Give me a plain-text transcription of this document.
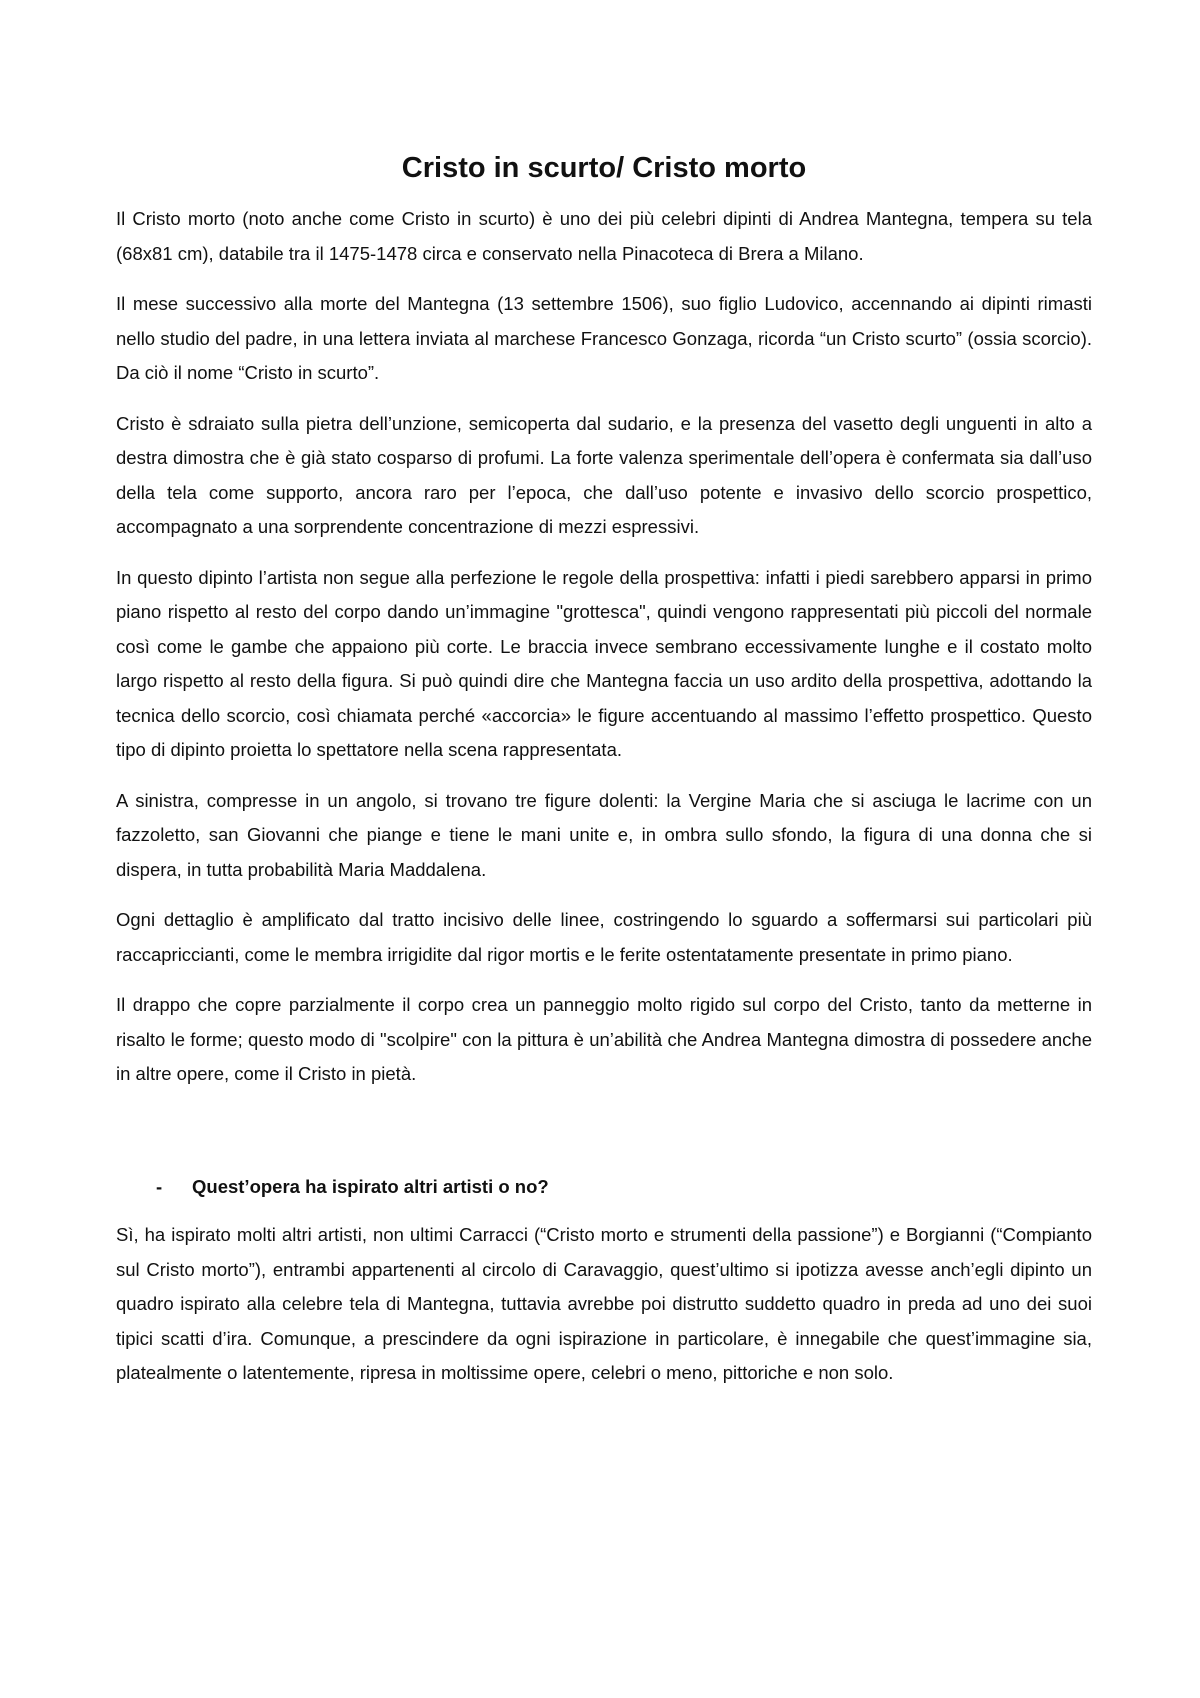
Cristo in scurto/ Cristo morto

Il Cristo morto (noto anche come Cristo in scurto) è uno dei più celebri dipinti di Andrea Mantegna, tempera su tela (68x81 cm), databile tra il 1475-1478 circa e conservato nella Pinacoteca di Brera a Milano.

Il mese successivo alla morte del Mantegna (13 settembre 1506), suo figlio Ludovico, accennando ai dipinti rimasti nello studio del padre, in una lettera inviata al marchese Francesco Gonzaga, ricorda “un Cristo scurto” (ossia scorcio). Da ciò il nome “Cristo in scurto”.

Cristo è sdraiato sulla pietra dell’unzione, semicoperta dal sudario, e la presenza del vasetto degli unguenti in alto a destra dimostra che è già stato cosparso di profumi. La forte valenza sperimentale dell’opera è confermata sia dall’uso della tela come supporto, ancora raro per l’epoca, che dall’uso potente e invasivo dello scorcio prospettico, accompagnato a una sorprendente concentrazione di mezzi espressivi.

In questo dipinto l’artista non segue alla perfezione le regole della prospettiva: infatti i piedi sarebbero apparsi in primo piano rispetto al resto del corpo dando un’immagine "grottesca", quindi vengono rappresentati più piccoli del normale così come le gambe che appaiono più corte. Le braccia invece sembrano eccessivamente lunghe e il costato molto largo rispetto al resto della figura. Si può quindi dire che Mantegna faccia un uso ardito della prospettiva, adottando la tecnica dello scorcio, così chiamata perché «accorcia» le figure accentuando al massimo l’effetto prospettico. Questo tipo di dipinto proietta lo spettatore nella scena rappresentata.

A sinistra, compresse in un angolo, si trovano tre figure dolenti: la Vergine Maria che si asciuga le lacrime con un fazzoletto, san Giovanni che piange e tiene le mani unite e, in ombra sullo sfondo, la figura di una donna che si dispera, in tutta probabilità Maria Maddalena.

Ogni dettaglio è amplificato dal tratto incisivo delle linee, costringendo lo sguardo a soffermarsi sui particolari più raccapriccianti, come le membra irrigidite dal rigor mortis e le ferite ostentatamente presentate in primo piano.

Il drappo che copre parzialmente il corpo crea un panneggio molto rigido sul corpo del Cristo, tanto da metterne in risalto le forme; questo modo di "scolpire" con la pittura è un’abilità che Andrea Mantegna dimostra di possedere anche in altre opere, come il Cristo in pietà.

-	Quest’opera ha ispirato altri artisti o no?

Sì, ha ispirato molti altri artisti, non ultimi Carracci (“Cristo morto e strumenti della passione”) e Borgianni (“Compianto sul Cristo morto”), entrambi appartenenti al circolo di Caravaggio, quest’ultimo si ipotizza avesse anch’egli dipinto un quadro ispirato alla celebre tela di Mantegna, tuttavia avrebbe poi distrutto suddetto quadro in preda ad uno dei suoi tipici scatti d’ira. Comunque, a prescindere da ogni ispirazione in particolare, è innegabile che quest’immagine sia, platealmente o latentemente, ripresa in moltissime opere, celebri o meno, pittoriche e non solo.
